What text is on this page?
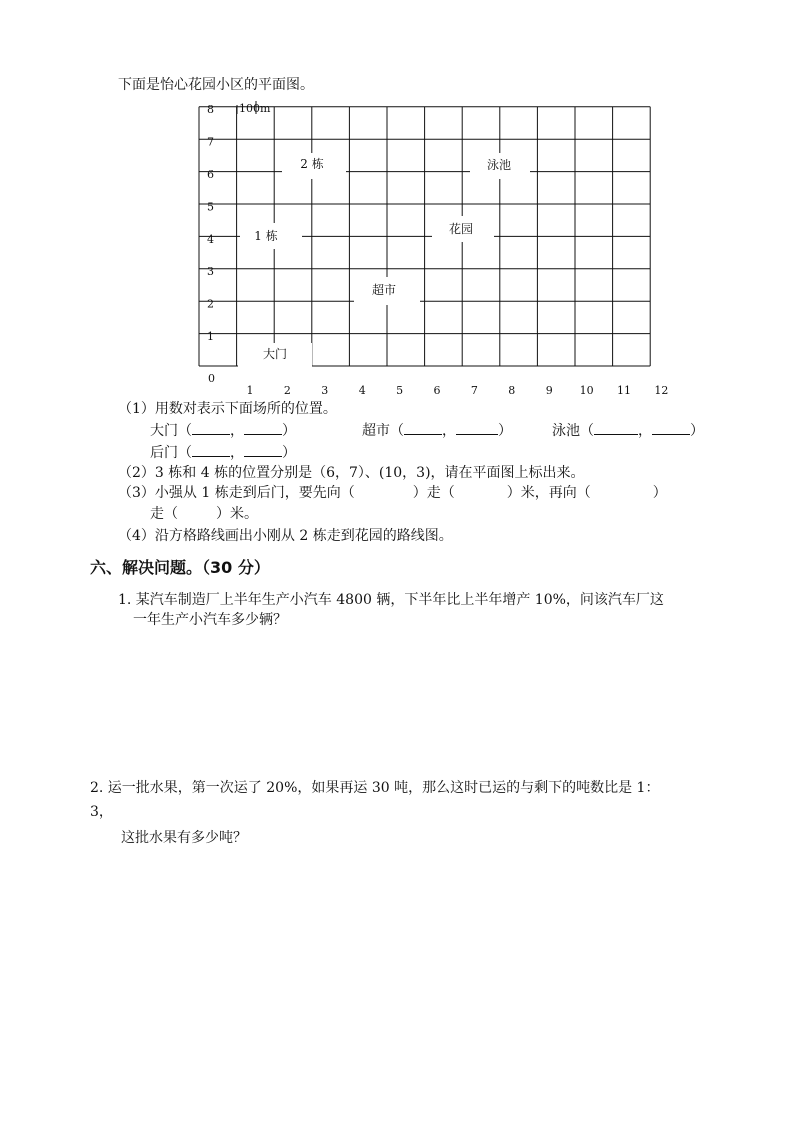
下面是怡心花园小区的平面图。
100m
0
2 栋	泳池
1 栋	花园
超市
大门
1	2	3	4	5	6	7	8	9 10 11 12
1
2
3
4
5
6
7
8
（1）用数对表示下面场所的位置。
大门（	，	）	超市（	，	）	泳池（	，	）
后门（	，	）
（2）3 栋和 4 栋的位置分别是（6，7）、(10，3)，请在平面图上标出来。
（3）小强从 1 栋走到后门，要先向（	）走（	）米，再向（	）
走（	）米。
（4）沿方格路线画出小刚从 2 栋走到花园的路线图。
六、解决问题。（30 分）
1. 某汽车制造厂上半年生产小汽车 4800 辆，下半年比上半年增产 10%，问该汽车厂这
一年生产小汽车多少辆？
2. 运一批水果，第一次运了 20%，如果再运 30 吨，那么这时已运的与剩下的吨数比是 1：
3，
这批水果有多少吨？
